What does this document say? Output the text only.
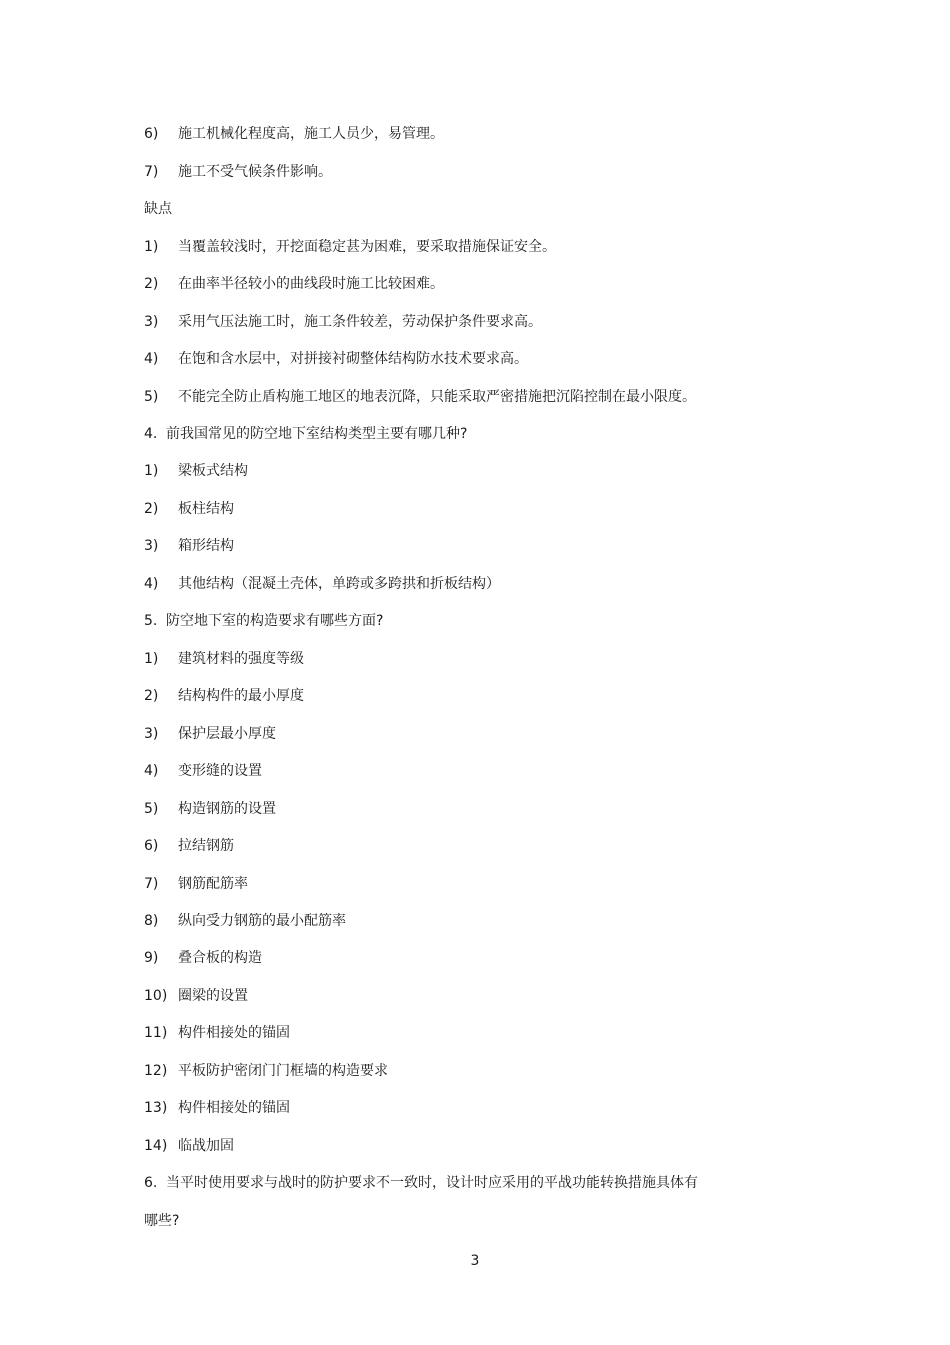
6) 施工机械化程度高，施工人员少，易管理。
7) 施工不受气候条件影响。
缺点
1) 当覆盖较浅时，开挖面稳定甚为困难，要采取措施保证安全。
2) 在曲率半径较小的曲线段时施工比较困难。
3) 采用气压法施工时，施工条件较差，劳动保护条件要求高。
4) 在饱和含水层中，对拼接衬砌整体结构防水技术要求高。
5) 不能完全防止盾构施工地区的地表沉降，只能采取严密措施把沉陷控制在最小限度。
4. 前我国常见的防空地下室结构类型主要有哪几种?
1) 梁板式结构
2) 板柱结构
3) 箱形结构
4) 其他结构（混凝土壳体，单跨或多跨拱和折板结构）
5. 防空地下室的构造要求有哪些方面?
1) 建筑材料的强度等级
2) 结构构件的最小厚度
3) 保护层最小厚度
4) 变形缝的设置
5) 构造钢筋的设置
6) 拉结钢筋
7) 钢筋配筋率
8) 纵向受力钢筋的最小配筋率
9) 叠合板的构造
10) 圈梁的设置
11) 构件相接处的锚固
12) 平板防护密闭门门框墙的构造要求
13) 构件相接处的锚固
14) 临战加固
6. 当平时使用要求与战时的防护要求不一致时，设计时应采用的平战功能转换措施具体有
哪些?
3
